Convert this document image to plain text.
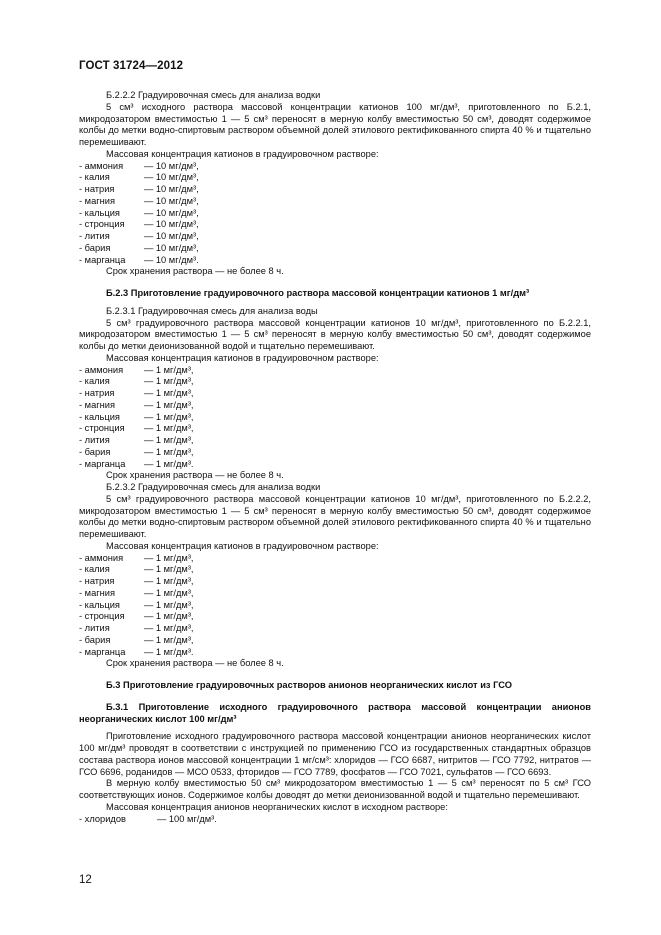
ГОСТ 31724—2012
Б.2.2.2 Градуировочная смесь для анализа водки
5 см³ исходного раствора массовой концентрации катионов 100 мг/дм³, приготовленного по Б.2.1, микродозатором вместимостью 1 — 5 см³ переносят в мерную колбу вместимостью 50 см³, доводят содержимое колбы до метки водно-спиртовым раствором объемной долей этилового ректификованного спирта 40 % и тщательно перемешивают.
Массовая концентрация катионов в градуировочном растворе:
- аммония — 10 мг/дм³,
- калия	— 10 мг/дм³,
- натрия	— 10 мг/дм³,
- магния	— 10 мг/дм³,
- кальция	— 10 мг/дм³,
- стронция — 10 мг/дм³,
- лития	— 10 мг/дм³,
- бария	— 10 мг/дм³,
- марганца — 10 мг/дм³.
Срок хранения раствора — не более 8 ч.
Б.2.3 Приготовление градуировочного раствора массовой концентрации катионов 1 мг/дм³
Б.2.3.1 Градуировочная смесь для анализа воды
5 см³ градуировочного раствора массовой концентрации катионов 10 мг/дм³, приготовленного по Б.2.2.1, микродозатором вместимостью 1 — 5 см³ переносят в мерную колбу вместимостью 50 см³, доводят содержимое колбы до метки деионизованной водой и тщательно перемешивают.
Массовая концентрация катионов в градуировочном растворе:
- аммония — 1 мг/дм³,
- калия	— 1 мг/дм³,
- натрия	— 1 мг/дм³,
- магния	— 1 мг/дм³,
- кальция	— 1 мг/дм³,
- стронция — 1 мг/дм³,
- лития	— 1 мг/дм³,
- бария	— 1 мг/дм³,
- марганца — 1 мг/дм³.
Срок хранения раствора — не более 8 ч.
Б.2.3.2 Градуировочная смесь для анализа водки
5 см³ градуировочного раствора массовой концентрации катионов 10 мг/дм³, приготовленного по Б.2.2.2, микродозатором вместимостью 1 — 5 см³ переносят в мерную колбу вместимостью 50 см³, доводят содержимое колбы до метки водно-спиртовым раствором объемной долей этилового ректификованного спирта 40 % и тщательно перемешивают.
Массовая концентрация катионов в градуировочном растворе:
- аммония — 1 мг/дм³,
- калия	— 1 мг/дм³,
- натрия	— 1 мг/дм³,
- магния	— 1 мг/дм³,
- кальция	— 1 мг/дм³,
- стронция — 1 мг/дм³,
- лития	— 1 мг/дм³,
- бария	— 1 мг/дм³,
- марганца — 1 мг/дм³.
Срок хранения раствора — не более 8 ч.
Б.3 Приготовление градуировочных растворов анионов неорганических кислот из ГСО
Б.3.1 Приготовление исходного градуировочного раствора массовой концентрации анионов неорганических кислот 100 мг/дм³
Приготовление исходного градуировочного раствора массовой концентрации анионов неорганических кислот 100 мг/дм³ проводят в соответствии с инструкцией по применению ГСО из государственных стандартных образцов состава раствора ионов массовой концентрации 1 мг/см³: хлоридов — ГСО 6687, нитритов — ГСО 7792, нитратов — ГСО 6696, роданидов — МСО 0533, фторидов — ГСО 7789, фосфатов — ГСО 7021, сульфатов — ГСО 6693.
В мерную колбу вместимостью 50 см³ микродозатором вместимостью 1 — 5 см³ переносят по 5 см³ ГСО соответствующих ионов. Содержимое колбы доводят до метки деионизованной водой и тщательно перемешивают.
Массовая концентрация анионов неорганических кислот в исходном растворе:
- хлоридов	— 100 мг/дм³.
12
